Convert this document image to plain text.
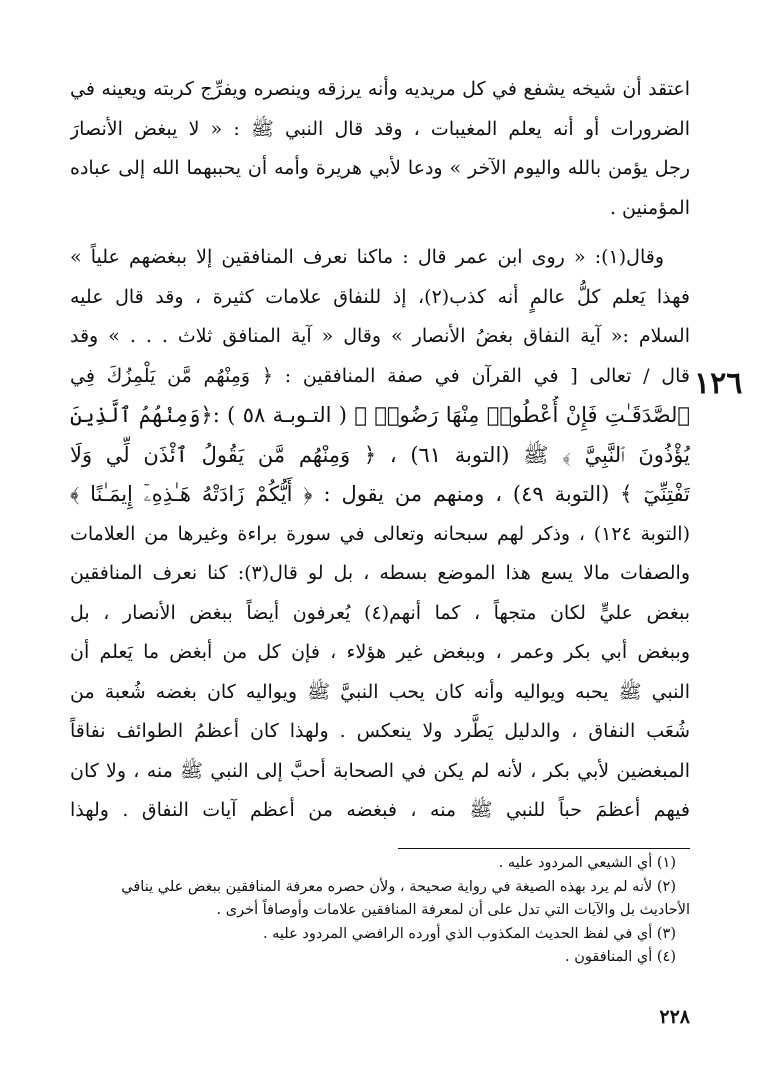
اعتقد أن شيخه يشفع في كل مريديه وأنه يرزقه وينصره ويفرِّج كربته ويعينه في
الضرورات أو أنه يعلم المغيبات ، وقد قال النبي ﷺ : « لا يبغض الأنصارَ
رجل يؤمن بالله واليوم الآخر » ودعا لأبي هريرة وأمه أن يحببهما الله إلى عباده
المؤمنين .
وقال(١): « روى ابن عمر قال : ماكنا نعرف المنافقين إلا ببغضهم علياً »
فهذا يَعلم كلُّ عالمٍ أنه كذب(٢)، إذ للنفاق علامات كثيرة ، وقد قال عليه
السلام :« آية النفاق بغضُ الأنصار » وقال « آية المنافق ثلاث . . . » وقد
قال / تعالى [ في القرآن في صفة المنافقين : ﴿ وَمِنْهُم مَّن يَلْمِزُكَ فِي
ٱلصَّدَقَـٰتِ فَإِنْ أُعْطُوا۟ مِنْهَا رَضُوا۟ ﴾ ( التـوبـة ٥٨ ) :﴿وَمِنْهُمُ ٱلَّذِينَ
يُؤْذُونَ ٱلنَّبِيَّ ﴾ ﷺ (التوبة ٦١) ، ﴿ وَمِنْهُم مَّن يَقُولُ ٱئْذَن لِّي وَلَا
تَفْتِنِّيٓ ﴾ (التوبة ٤٩) ، ومنهم من يقول : ﴿ أَيُّكُمْ زَادَتْهُ هَـٰذِهِۦٓ إِيمَـٰنًا ﴾
(التوبة ١٢٤) ، وذكر لهم سبحانه وتعالى في سورة براءة وغيرها من العلامات
والصفات مالا يسع هذا الموضع بسطه ، بل لو قال(٣): كنا نعرف المنافقين
ببغض عليٍّ لكان متجهاً ، كما أنهم(٤) يُعرفون أيضاً ببغض الأنصار ، بل
وببغض أبي بكر وعمر ، وببغض غير هؤلاء ، فإن كل من أبغض ما يَعلم أن
النبي ﷺ يحبه ويواليه وأنه كان يحب النبيَّ ﷺ ويواليه كان بغضه شُعبة من
شُعَب النفاق ، والدليل يَطَّرد ولا ينعكس . ولهذا كان أعظمُ الطوائف نفاقاً
المبغضين لأبي بكر ، لأنه لم يكن في الصحابة أحبَّ إلى النبي ﷺ منه ، ولا كان
فيهم أعظمَ حباً للنبي ﷺ منه ، فبغضه من أعظم آيات النفاق . ولهذا
١٢٦
(١) أي الشيعي المردود عليه .
(٢) لأنه لم يرد بهذه الصيغة في رواية صحيحة ، ولأن حصره معرفة المنافقين ببغض علي ينافي
الأحاديث بل والآيات التي تدل على أن لمعرفة المنافقين علامات وأوصافاً أخرى .
(٣) أي في لفظ الحديث المكذوب الذي أورده الرافضي المردود عليه .
(٤) أي المنافقون .
٢٢٨
